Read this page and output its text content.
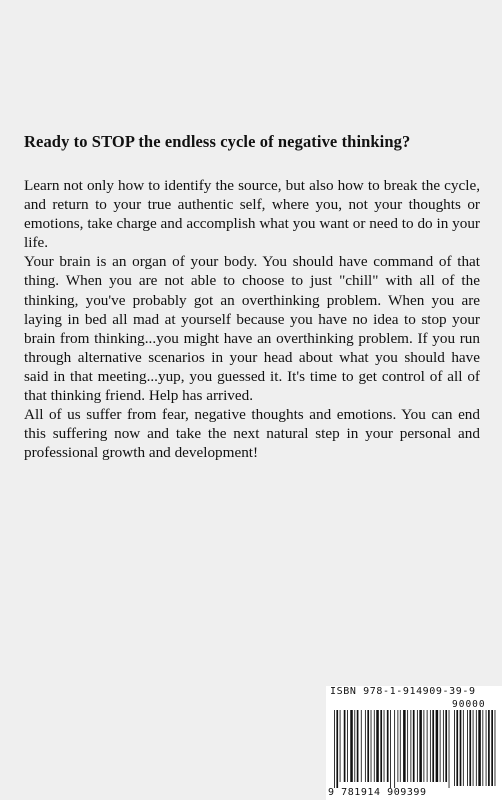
Ready to STOP the endless cycle of negative thinking?

Learn not only how to identify the source, but also how to break the cycle, and return to your true authentic self, where you, not your thoughts or emotions, take charge and accomplish what you want or need to do in your life.

Your brain is an organ of your body. You should have command of that thing. When you are not able to choose to just "chill" with all of the thinking, you've probably got an overthinking problem. When you are laying in bed all mad at yourself because you have no idea to stop your brain from thinking...you might have an overthinking problem. If you run through alternative scenarios in your head about what you should have said in that meeting...yup, you guessed it. It's time to get control of all of that thinking friend. Help has arrived.

All of us suffer from fear, negative thoughts and emotions. You can end this suffering now and take the next natural step in your personal and professional growth and development!

ISBN 978-1-914909-39-9
90000
9 781914 909399
